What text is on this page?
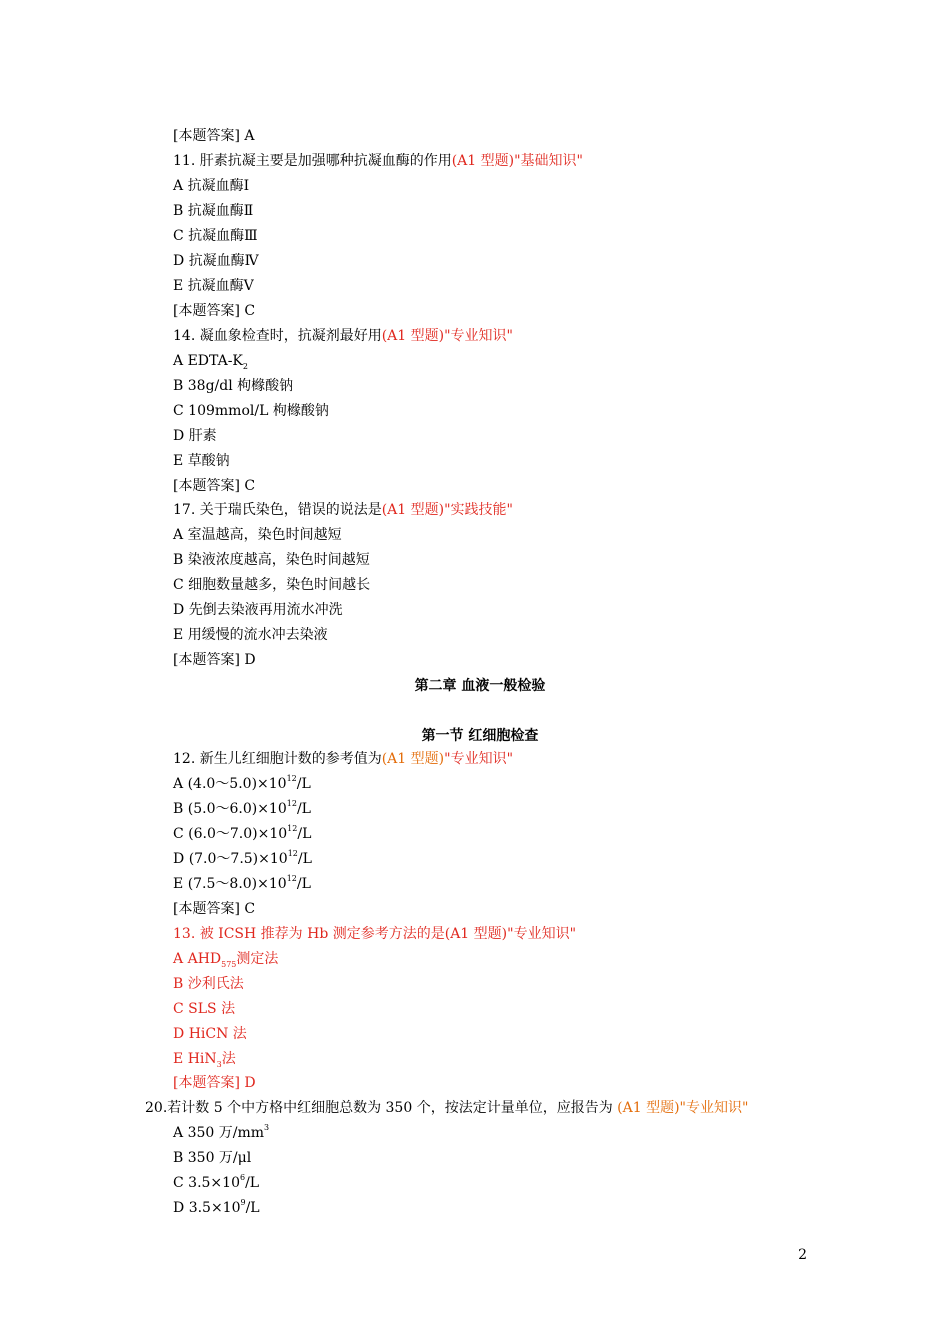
[本题答案] A
11. 肝素抗凝主要是加强哪种抗凝血酶的作用(A1 型题)"基础知识"
A 抗凝血酶Ⅰ
B 抗凝血酶Ⅱ
C 抗凝血酶Ⅲ
D 抗凝血酶Ⅳ
E 抗凝血酶Ⅴ
[本题答案] C
14. 凝血象检查时，抗凝剂最好用(A1 型题)"专业知识"
A EDTA-$K_2$
B 38g/dl 枸橼酸钠
C 109mmol/L 枸橼酸钠
D 肝素
E 草酸钠
[本题答案] C
17. 关于瑞氏染色，错误的说法是(A1 型题)"实践技能"
A 室温越高，染色时间越短
B 染液浓度越高，染色时间越短
C 细胞数量越多，染色时间越长
D 先倒去染液再用流水冲洗
E 用缓慢的流水冲去染液
[本题答案] D
第二章 血液一般检验
第一节 红细胞检查
12. 新生儿红细胞计数的参考值为(A1 型题)"专业知识"
A $(4.0\sim 5.0)\times 10^{12}/L$
B $(5.0\sim 6.0)\times 10^{12}/L$
C $(6.0\sim 7.0)\times 10^{12}/L$
D $(7.0\sim 7.5)\times 10^{12}/L$
E $(7.5\sim 8.0)\times 10^{12}/L$
[本题答案] C
13. 被 ICSH 推荐为 Hb 测定参考方法的是(A1 型题)"专业知识"
A $AHD_{575}$测定法
B 沙利氏法
C SLS 法
D HiCN 法
E HiN$_3$法
[本题答案] D
20.若计数 5 个中方格中红细胞总数为 350 个，按法定计量单位，应报告为 (A1 型题)"专业知识"
A 350 万$/mm^3$
B 350 万/μl
C $3.5\times 10^6/L$
D $3.5\times 10^9/L$
2
